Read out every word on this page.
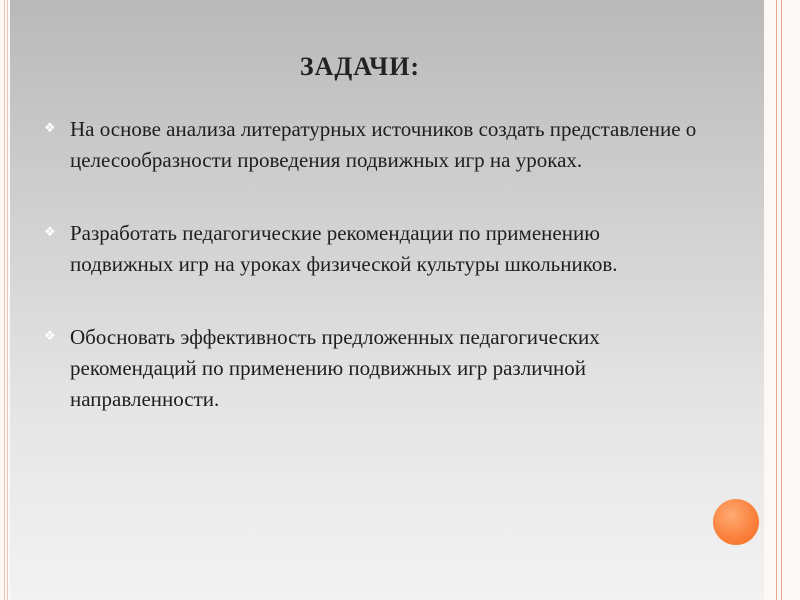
ЗАДАЧИ:
❖ На основе анализа литературных источников создать представление о целесообразности проведения подвижных игр на уроках.
❖ Разработать педагогические рекомендации по применению подвижных игр на уроках физической культуры школьников.
❖ Обосновать эффективность предложенных педагогических рекомендаций по применению подвижных игр различной направленности.
